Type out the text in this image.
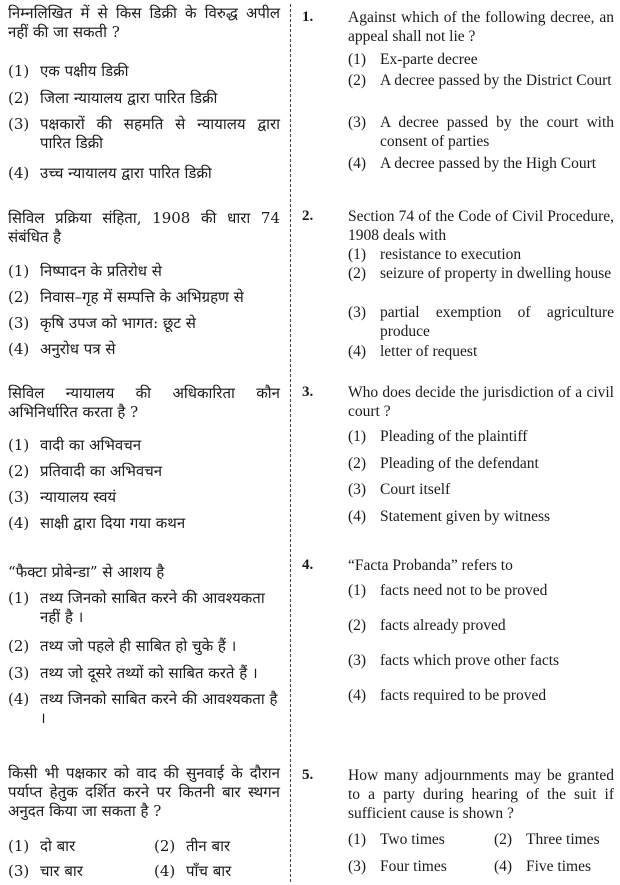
निम्नलिखित में से किस डिक्री के विरुद्ध अपील नहीं की जा सकती ?
(1) एक पक्षीय डिक्री
(2) जिला न्यायालय द्वारा पारित डिक्री
(3) पक्षकारों की सहमति से न्यायालय द्वारा पारित डिक्री
(4) उच्च न्यायालय द्वारा पारित डिक्री
सिविल प्रक्रिया संहिता, 1908 की धारा 74 संबंधित है
(1) निष्पादन के प्रतिरोध से
(2) निवास–गृह में सम्पत्ति के अभिग्रहण से
(3) कृषि उपज को भागत: छूट से
(4) अनुरोध पत्र से
सिविल न्यायालय की अधिकारिता कौन अभिनिर्धारित करता है ?
(1) वादी का अभिवचन
(2) प्रतिवादी का अभिवचन
(3) न्यायालय स्वयं
(4) साक्षी द्वारा दिया गया कथन
“फैक्टा प्रोबेन्डा” से आशय है
(1) तथ्य जिनको साबित करने की आवश्यकता नहीं है ।
(2) तथ्य जो पहले ही साबित हो चुके हैं ।
(3) तथ्य जो दूसरे तथ्यों को साबित करते हैं ।
(4) तथ्य जिनको साबित करने की आवश्यकता है ।
किसी भी पक्षकार को वाद की सुनवाई के दौरान पर्याप्त हेतुक दर्शित करने पर कितनी बार स्थगन अनुदत किया जा सकता है ?
(1) दो बार	(2) तीन बार
(3) चार बार	(4) पाँच बार
1. Against which of the following decree, an appeal shall not lie ?
(1) Ex-parte decree
(2) A decree passed by the District Court
(3) A decree passed by the court with consent of parties
(4) A decree passed by the High Court
2. Section 74 of the Code of Civil Procedure, 1908 deals with
(1) resistance to execution
(2) seizure of property in dwelling house
(3) partial exemption of agriculture produce
(4) letter of request
3. Who does decide the jurisdiction of a civil court ?
(1) Pleading of the plaintiff
(2) Pleading of the defendant
(3) Court itself
(4) Statement given by witness
4. “Facta Probanda” refers to
(1) facts need not to be proved
(2) facts already proved
(3) facts which prove other facts
(4) facts required to be proved
5. How many adjournments may be granted to a party during hearing of the suit if sufficient cause is shown ?
(1) Two times	(2) Three times
(3) Four times	(4) Five times
